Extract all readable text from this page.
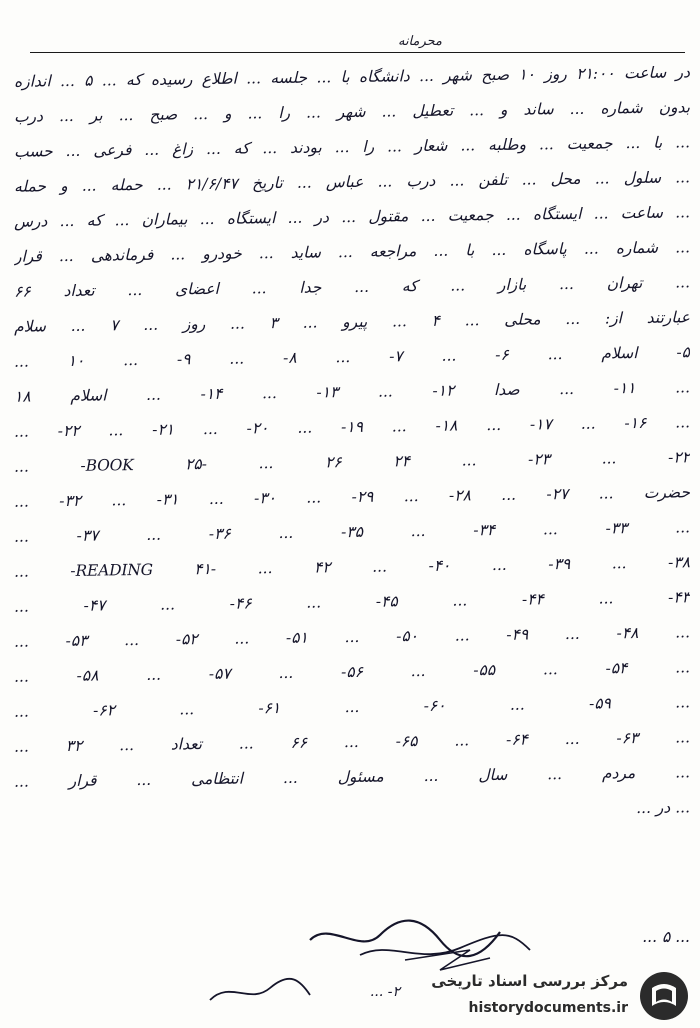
محرمانه
در ساعت ۲۱:۰۰ روز ۱۰ صبح شهر ... دانشگاه با ... جلسه ... اطلاع رسیده که ... ۵ ... اندازه
بدون شماره ... ساند و ... تعطیل ... شهر ... را ... و ... صبح ... بر ... درب
... با ... جمعیت ... وطلبه ... شعار ... را ... بودند ... که ... زاغ ... فرعی ... حسب
... سلول ... محل ... تلفن ... درب ... عباس ... تاریخ ۲۱/۶/۴۷ ... حمله ... و حمله
... ساعت ... ایستگاه ... جمعیت ... مقتول ... در ... ایستگاه ... بیماران ... که ... درس
... شماره ... پاسگاه ... با ... مراجعه ... ساید ... خودرو ... فرماندهی ... قرار
... تهران ... بازار ... که ... جدا ... اعضای ... تعداد ۶۶
عبارتند از: ... محلی ... ۴ ... پیرو ... ۳ ... روز ... ۷ ... سلام
۵- اسلام ... ۶- ... ۷- ... ۸- ... ۹- ... ۱۰ ...
... ۱۱- ... صدا ۱۲- ... ۱۳- ... ۱۴- ... اسلام ۱۸
... ۱۶- ... ۱۷- ... ۱۸- ... ۱۹- ... ۲۰- ... ۲۱- ... ۲۲- ...
۲۲- ... ۲۳- ... ۲۴ BOOK ۲۵- ... ۲۶- ...
حضرت ... ۲۷- ... ۲۸- ... ۲۹- ... ۳۰- ... ۳۱- ... ۳۲- ...
... ۳۳- ... ۳۴- ... ۳۵- ... ۳۶- ... ۳۷- ...
۳۸- ... ۳۹- ... ۴۰- ... READING ۴۱- ... ۴۲- ...
۴۳- ... ۴۴- ... ۴۵- ... ۴۶- ... ۴۷- ...
... ۴۸- ... ۴۹- ... ۵۰- ... ۵۱- ... ۵۲- ... ۵۳- ...
... ۵۴- ... ۵۵- ... ۵۶- ... ۵۷- ... ۵۸- ...
... ۵۹- ... ۶۰- ... ۶۱- ... ۶۲- ...
... ۶۳- ... ۶۴- ... ۶۵- ... ۶۶ ... تعداد ... ۳۲ ...
... مردم ... سال ... مسئول ... انتظامی ... قرار ...
... در ...
... ۵ ...
۲- ...
مرکز بررسی اسناد تاریخی
historydocuments.ir
